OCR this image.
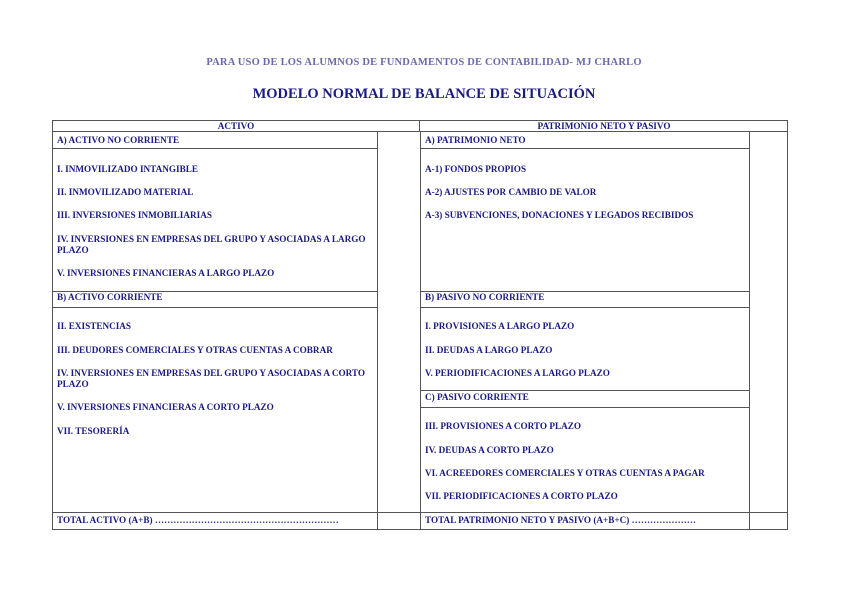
PARA USO DE LOS ALUMNOS DE FUNDAMENTOS DE CONTABILIDAD- MJ CHARLO
MODELO NORMAL DE BALANCE DE SITUACIÓN
ACTIVO	PATRIMONIO NETO Y PASIVO
A) ACTIVO NO CORRIENTE
I. INMOVILIZADO INTANGIBLE
II. INMOVILIZADO MATERIAL
III. INVERSIONES INMOBILIARIAS
IV. INVERSIONES EN EMPRESAS DEL GRUPO Y ASOCIADAS A LARGO PLAZO
V. INVERSIONES FINANCIERAS A LARGO PLAZO
B) ACTIVO CORRIENTE
II. EXISTENCIAS
III. DEUDORES COMERCIALES Y OTRAS CUENTAS A COBRAR
IV. INVERSIONES EN EMPRESAS DEL GRUPO Y ASOCIADAS A CORTO PLAZO
V. INVERSIONES FINANCIERAS A CORTO PLAZO
VII. TESORERÍA
TOTAL ACTIVO (A+B) ……………………………………………………
A) PATRIMONIO NETO
A-1) FONDOS PROPIOS
A-2) AJUSTES POR CAMBIO DE VALOR
A-3) SUBVENCIONES, DONACIONES Y LEGADOS RECIBIDOS
B) PASIVO NO CORRIENTE
I. PROVISIONES A LARGO PLAZO
II. DEUDAS A LARGO PLAZO
V. PERIODIFICACIONES A LARGO PLAZO
C) PASIVO CORRIENTE
III. PROVISIONES A CORTO PLAZO
IV. DEUDAS A CORTO PLAZO
VI. ACREEDORES COMERCIALES Y OTRAS CUENTAS A PAGAR
VII. PERIODIFICACIONES A CORTO PLAZO
TOTAL PATRIMONIO NETO Y PASIVO (A+B+C) …………………
